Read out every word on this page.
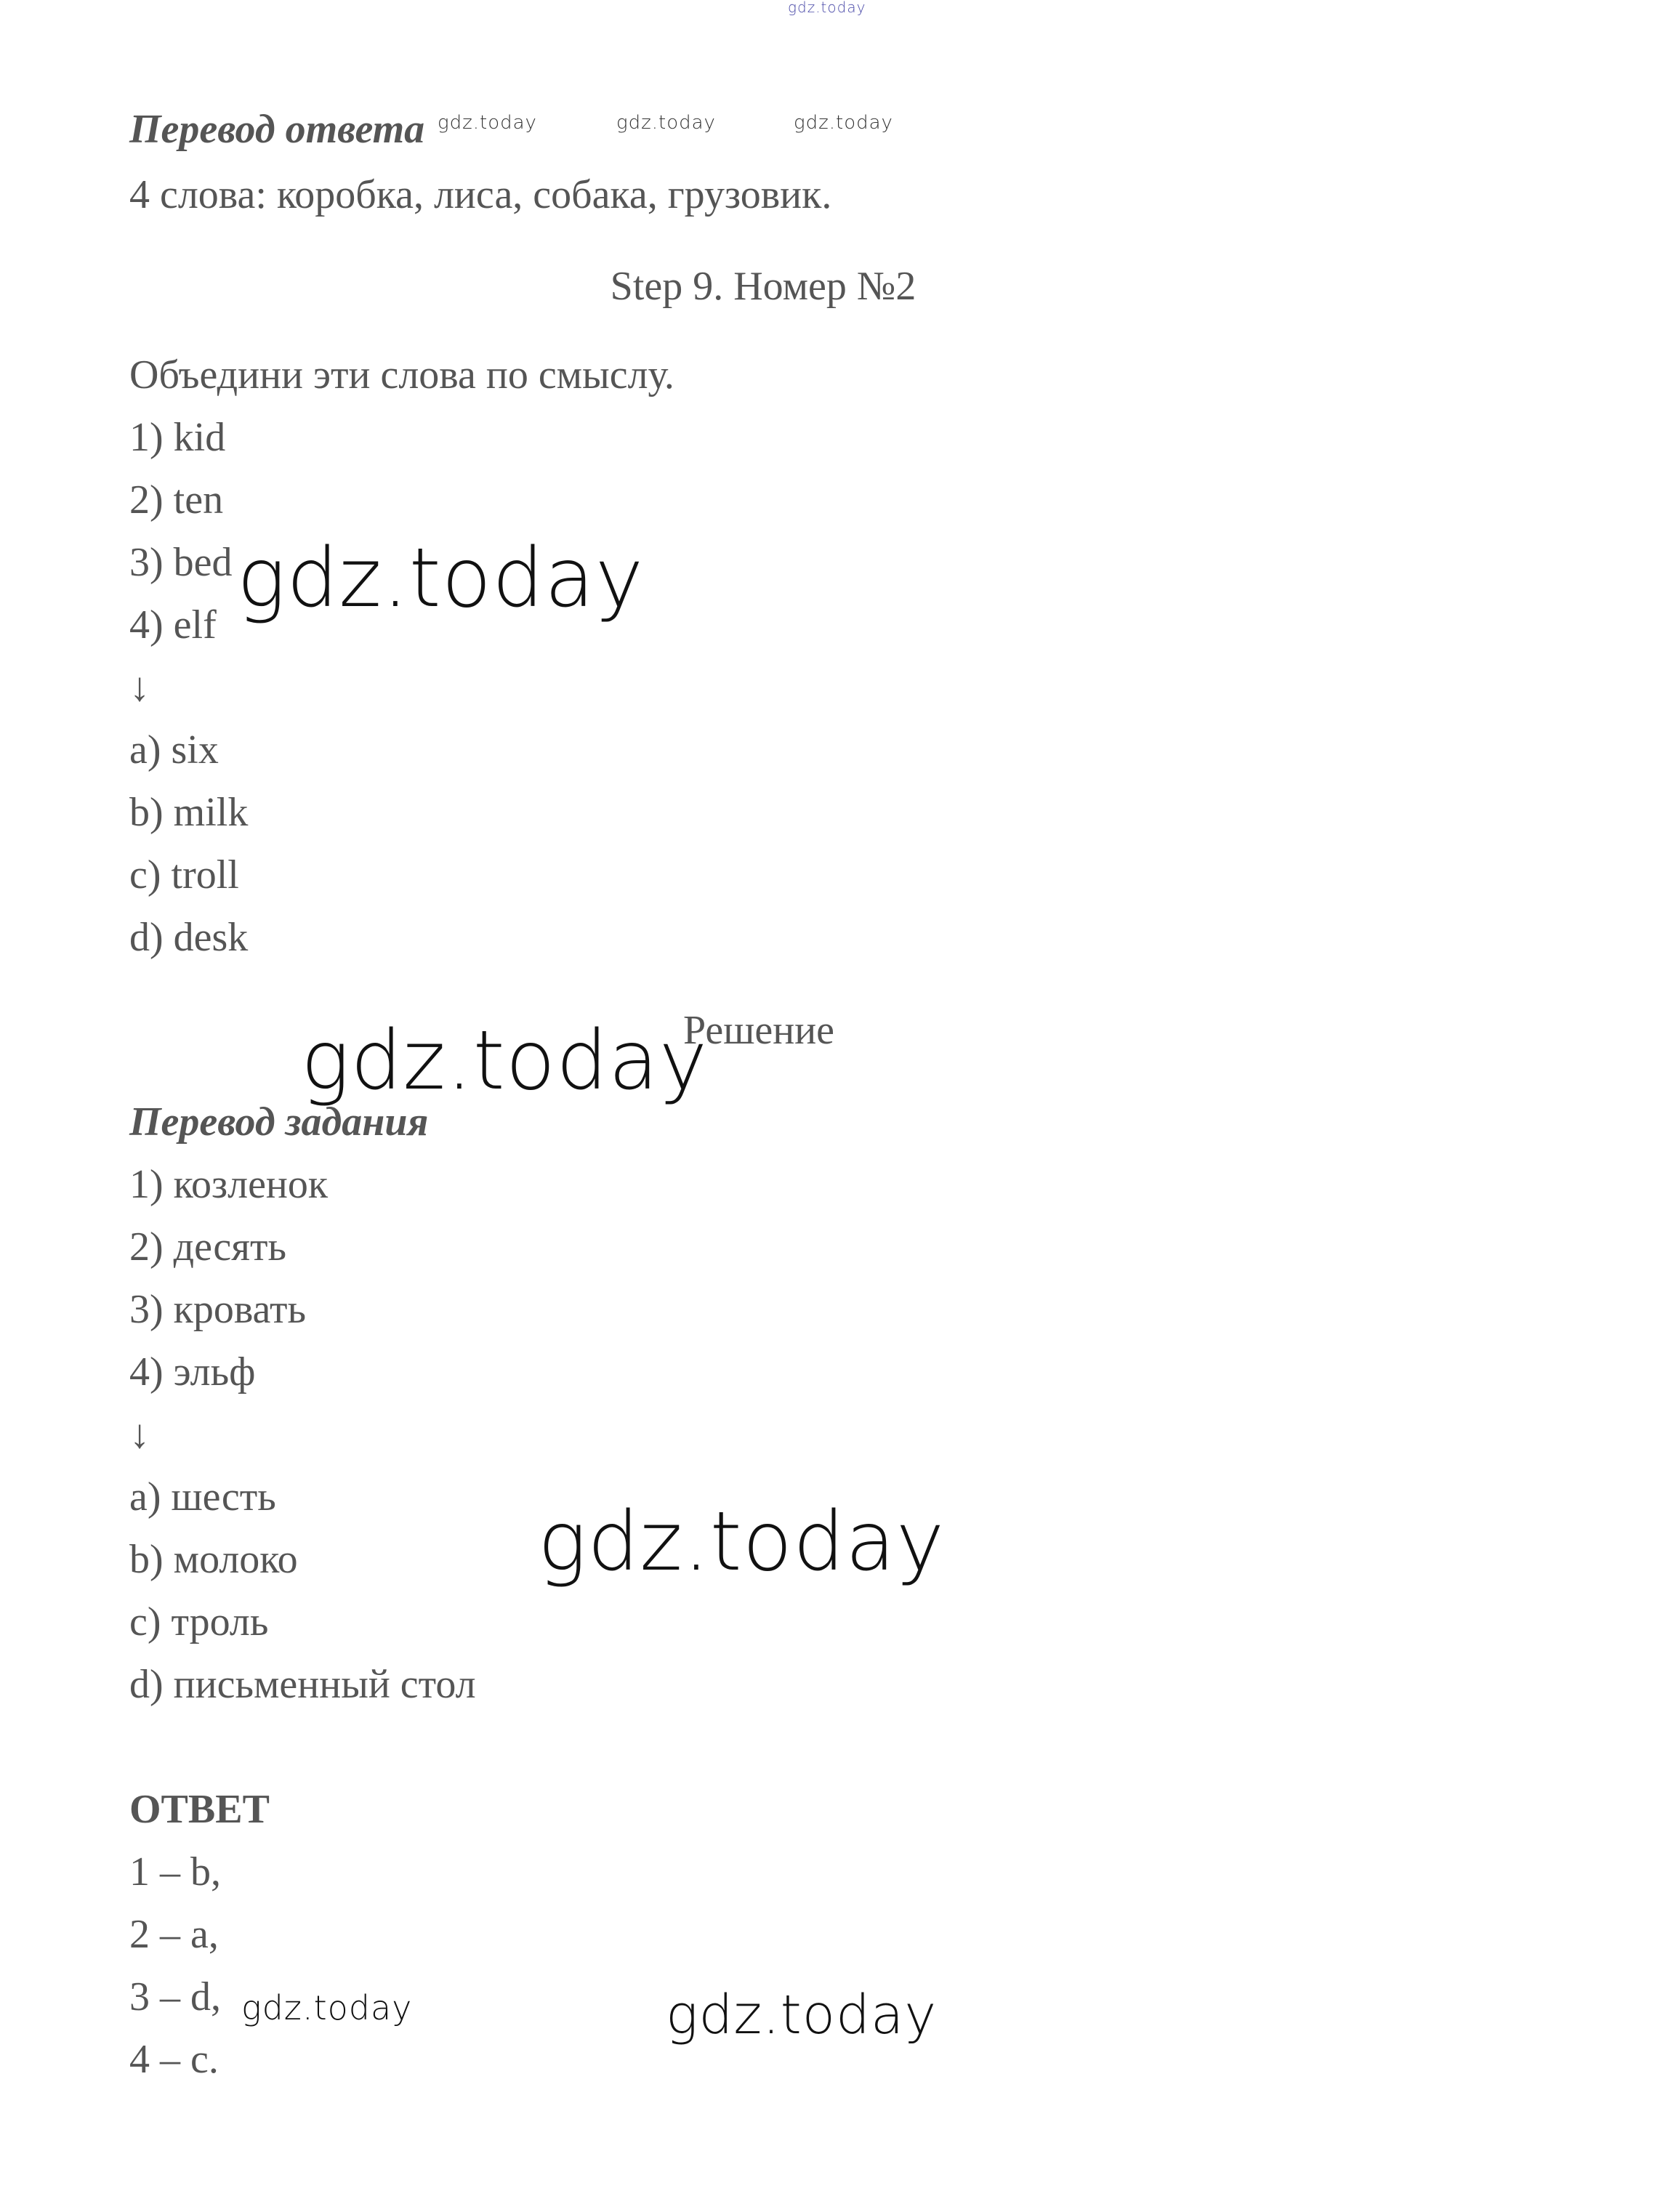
gdz.today
gdz.today	gdz.today	gdz.today
Перевод ответа
4 слова: коробка, лиса, собака, грузовик.
Step 9. Номер №2
Объедини эти слова по смыслу.
1) kid
2) ten
3) bed
4) elf
↓
a) six
b) milk
c) troll
d) desk
gdz.today
Решение
gdz.today
Перевод задания
1) козленок
2) десять
3) кровать
4) эльф
↓
a) шесть
b) молоко
c) троль
d) письменный стол
gdz.today
ОТВЕТ
1 – b,
2 – a,
3 – d,
4 – c.
gdz.today	gdz.today
